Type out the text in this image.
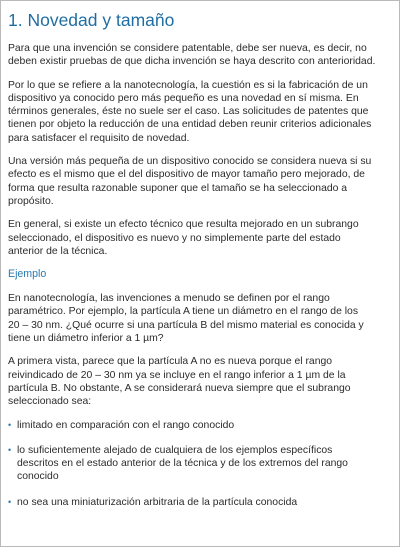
1. Novedad y tamaño

Para que una invención se considere patentable, debe ser nueva, es decir, no
deben existir pruebas de que dicha invención se haya descrito con anterioridad.

Por lo que se refiere a la nanotecnología, la cuestión es si la fabricación de un
dispositivo ya conocido pero más pequeño es una novedad en sí misma. En
términos generales, éste no suele ser el caso. Las solicitudes de patentes que
tienen por objeto la reducción de una entidad deben reunir criterios adicionales
para satisfacer el requisito de novedad.

Una versión más pequeña de un dispositivo conocido se considera nueva si su
efecto es el mismo que el del dispositivo de mayor tamaño pero mejorado, de
forma que resulta razonable suponer que el tamaño se ha seleccionado a
propósito.

En general, si existe un efecto técnico que resulta mejorado en un subrango
seleccionado, el dispositivo es nuevo y no simplemente parte del estado
anterior de la técnica.

Ejemplo

En nanotecnología, las invenciones a menudo se definen por el rango
paramétrico. Por ejemplo, la partícula A tiene un diámetro en el rango de los
20 – 30 nm. ¿Qué ocurre si una partícula B del mismo material es conocida y
tiene un diámetro inferior a 1 µm?

A primera vista, parece que la partícula A no es nueva porque el rango
reivindicado de 20 – 30 nm ya se incluye en el rango inferior a 1 µm de la
partícula B. No obstante, A se considerará nueva siempre que el subrango
seleccionado sea:

• limitado en comparación con el rango conocido
• lo suficientemente alejado de cualquiera de los ejemplos específicos
descritos en el estado anterior de la técnica y de los extremos del rango
conocido
• no sea una miniaturización arbitraria de la partícula conocida
